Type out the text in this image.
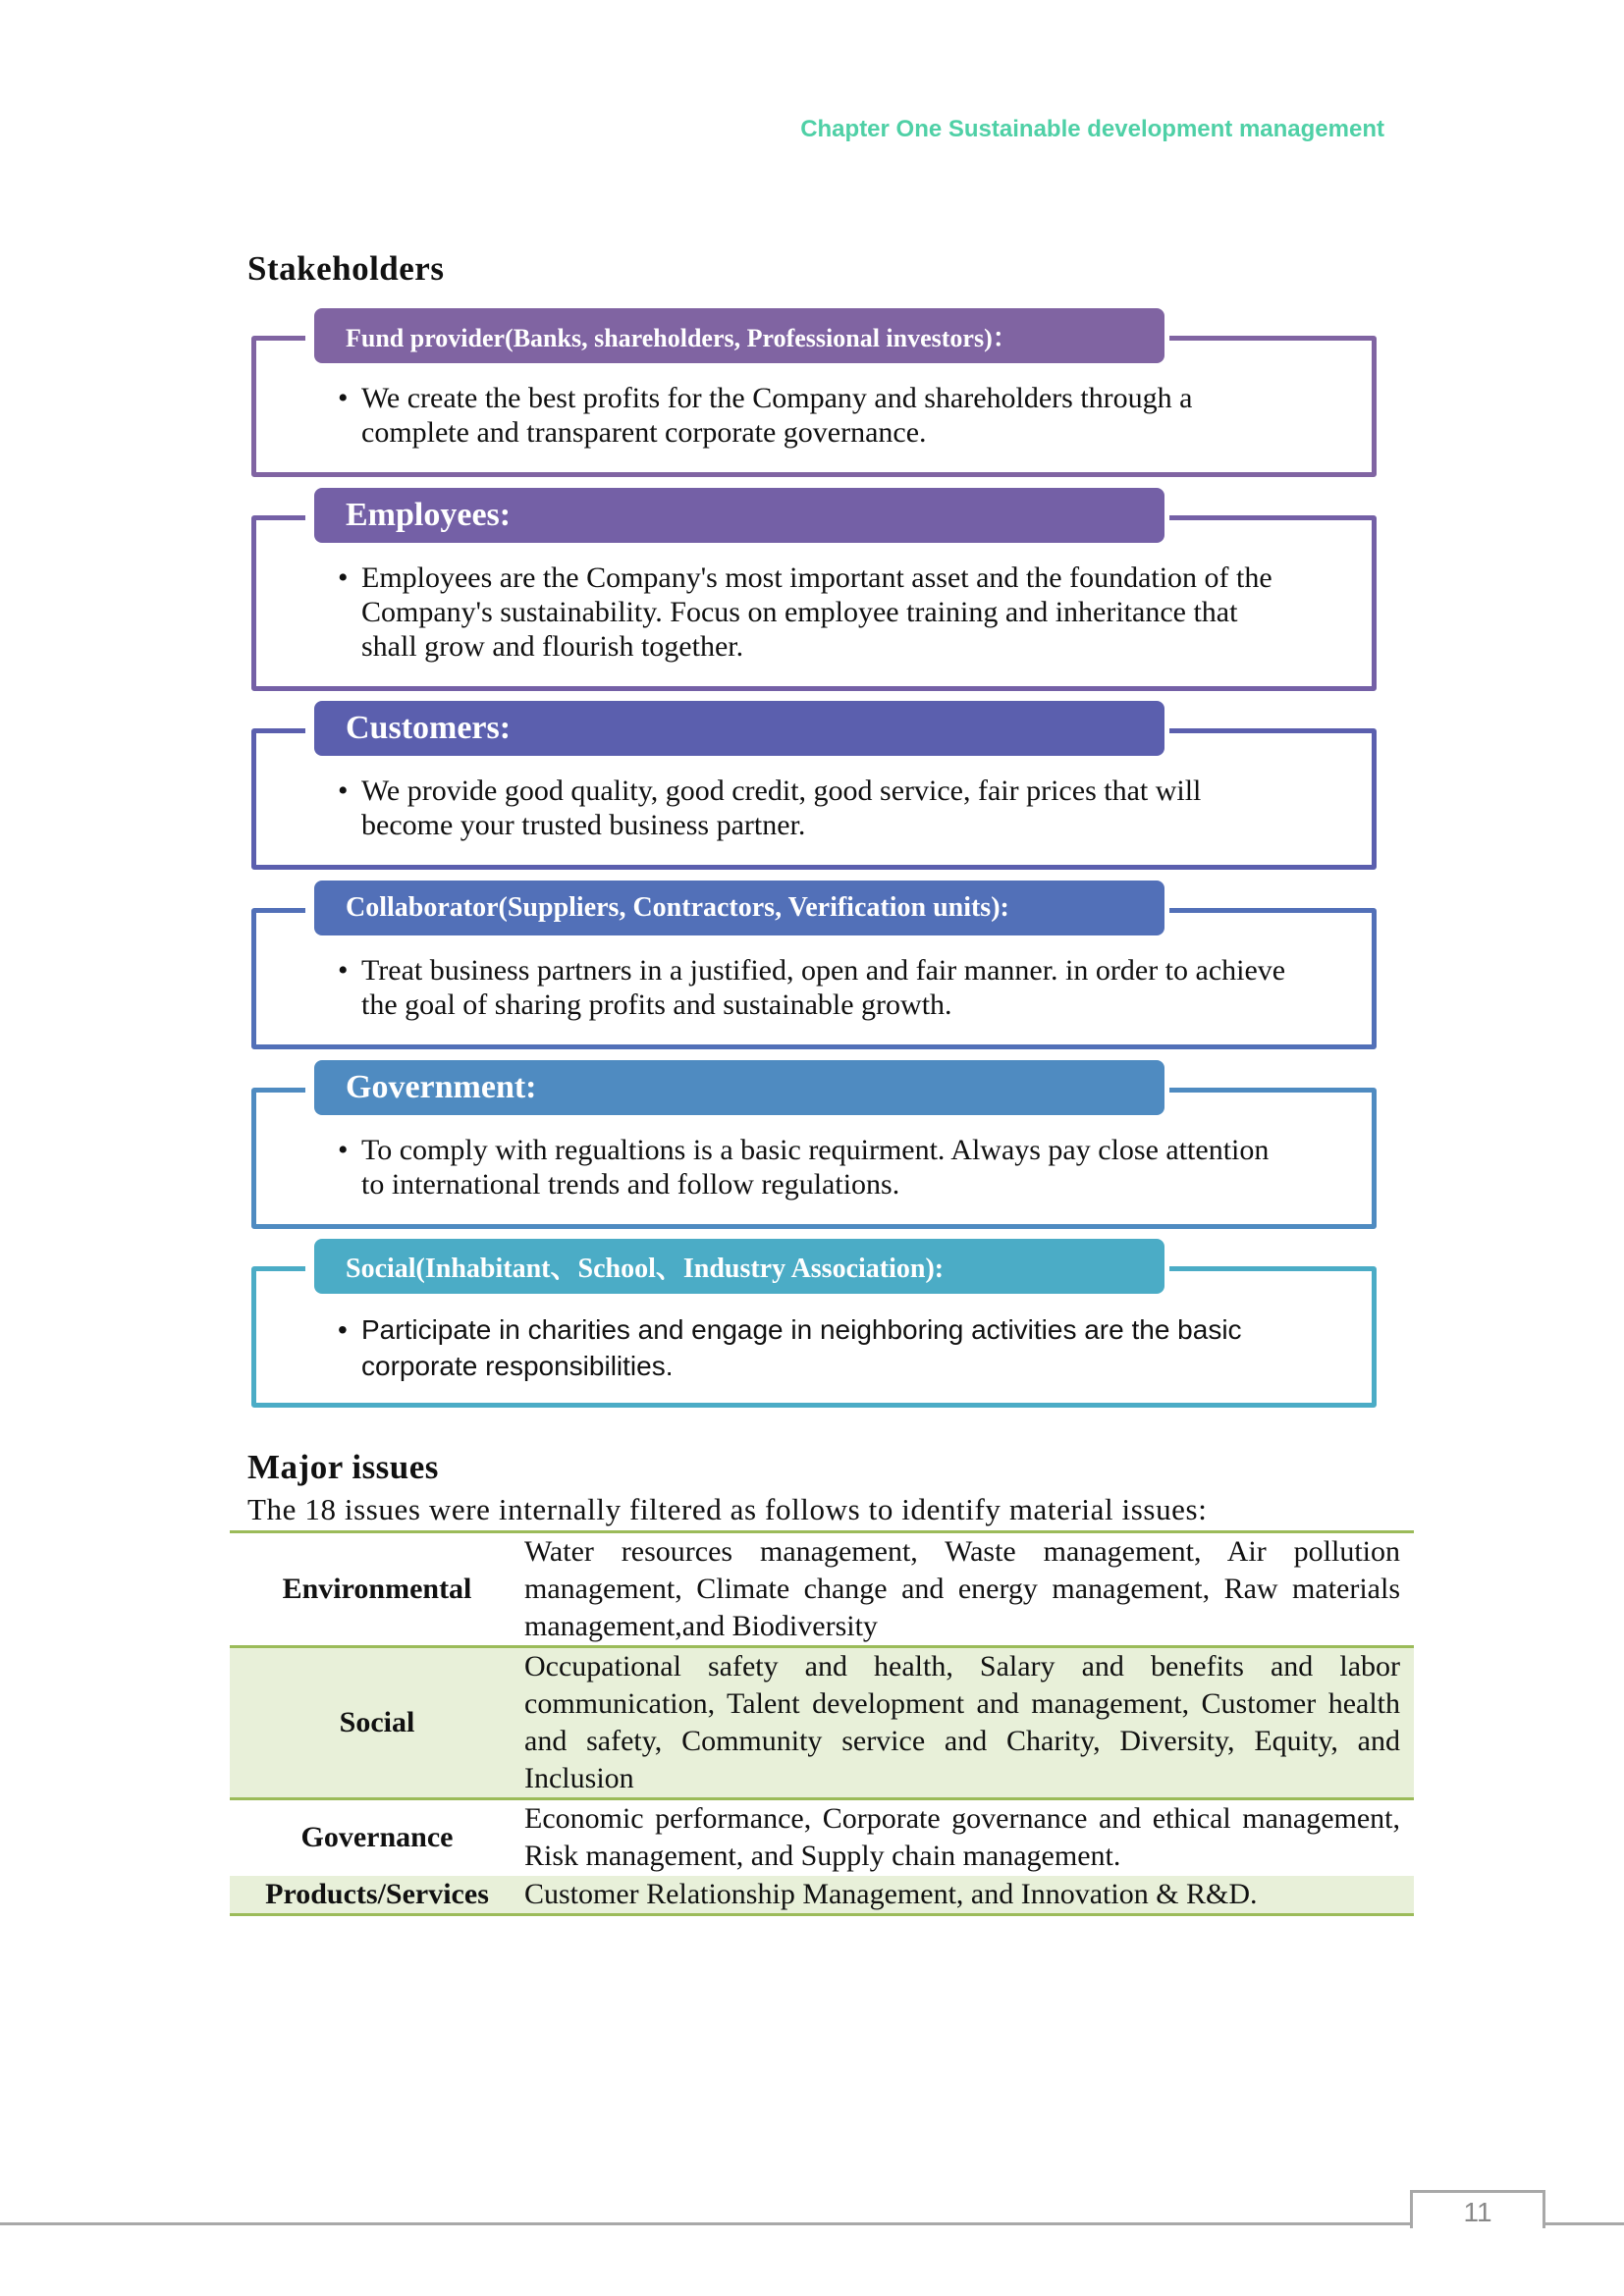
Chapter One Sustainable development management
Stakeholders
Fund provider(Banks, shareholders, Professional investors)：
• We create the best profits for the Company and shareholders through a complete and transparent corporate governance.
Employees:
• Employees are the Company's most important asset and the foundation of the Company's sustainability. Focus on employee training and inheritance that shall grow and flourish together.
Customers:
• We provide good quality, good credit, good service, fair prices that will become your trusted business partner.
Collaborator(Suppliers, Contractors, Verification units):
• Treat business partners in a justified, open and fair manner. in order to achieve the goal of sharing profits and sustainable growth.
Government:
• To comply with regualtions is a basic requirment. Always pay close attention to international trends and follow regulations.
Social(Inhabitant、School、Industry Association):
• Participate in charities and engage in neighboring activities are the basic corporate responsibilities.
Major issues
The 18 issues were internally filtered as follows to identify material issues:
Environmental	Water resources management, Waste management, Air pollution management, Climate change and energy management, Raw materials management,and Biodiversity
Social	Occupational safety and health, Salary and benefits and labor communication, Talent development and management, Customer health and safety, Community service and Charity, Diversity, Equity, and Inclusion
Governance	Economic performance, Corporate governance and ethical management, Risk management, and Supply chain management.
Products/Services	Customer Relationship Management, and Innovation & R&D.
11
